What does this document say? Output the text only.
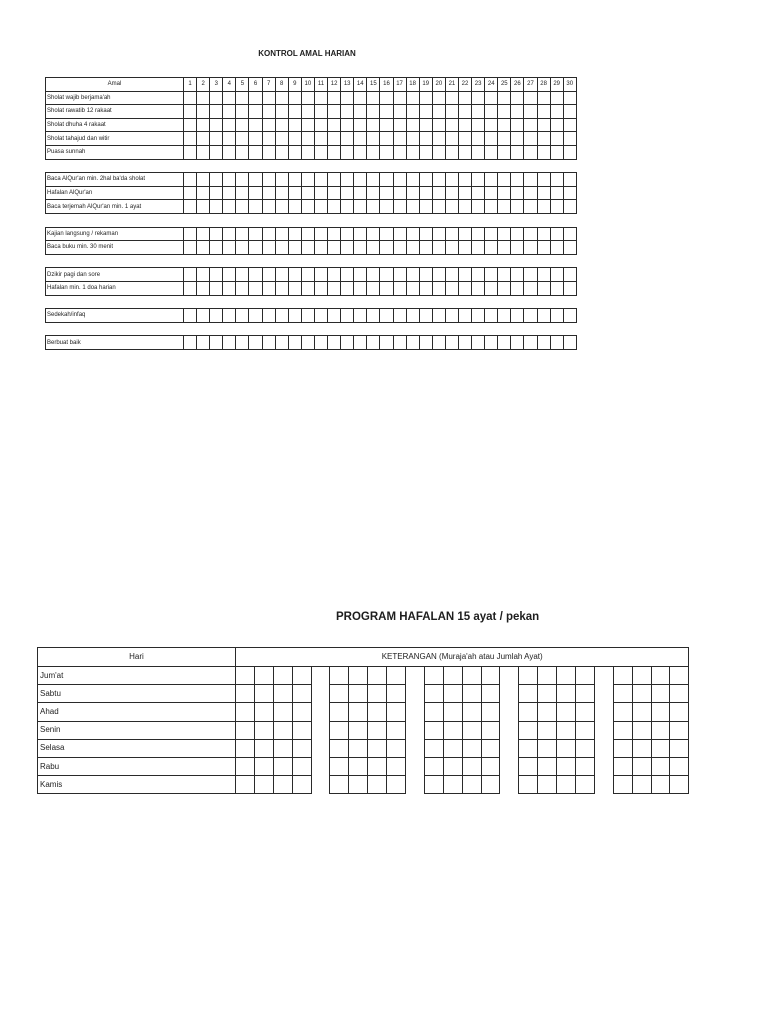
KONTROL AMAL HARIAN
Amal	1	2	3	4	5	6	7	8	9	10	11	12	13	14	15	16	17	18	19	20	21	22	23	24	25	26	27	28	29	30
Sholat wajib berjama'ah																														
Sholat rawatib 12 rakaat																														
Sholat dhuha 4 rakaat																														
Sholat tahajud dan witir																														
Puasa sunnah																														

Baca AlQur'an min. 2hal ba'da sholat																														
Hafalan AlQur'an																														
Baca terjemah AlQur'an min. 1 ayat																														

Kajian langsung / rekaman																														
Baca buku min. 30 menit																														

Dzikir pagi dan sore																														
Hafalan min. 1 doa harian																														

Sedekah/infaq																														

Berbuat baik																														
PROGRAM HAFALAN 15 ayat / pekan
Hari	KETERANGAN (Muraja'ah atau Jumlah Ayat)																							
Jum'at																								
Sabtu																								
Ahad																								
Senin																								
Selasa																								
Rabu																								
Kamis																								
